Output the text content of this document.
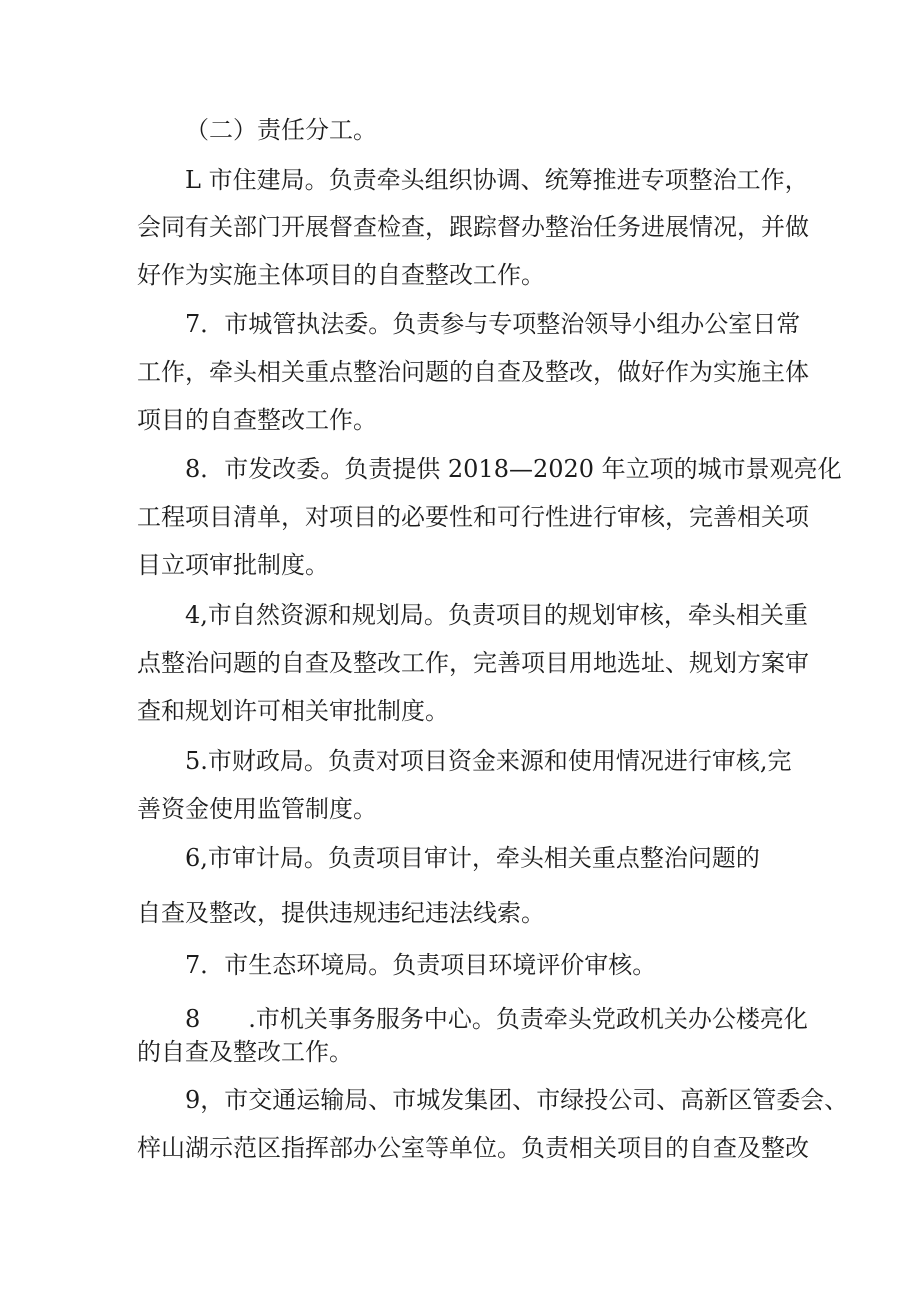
（二）责任分工。

L 市住建局。负责牵头组织协调、统筹推进专项整治工作，

会同有关部门开展督查检查，跟踪督办整治任务进展情况，并做

好作为实施主体项目的自查整改工作。

7．市城管执法委。负责参与专项整治领导小组办公室日常

工作，牵头相关重点整治问题的自查及整改，做好作为实施主体

项目的自查整改工作。

8．市发改委。负责提供 2018—2020 年立项的城市景观亮化

工程项目清单，对项目的必要性和可行性进行审核，完善相关项

目立项审批制度。

4,市自然资源和规划局。负责项目的规划审核，牵头相关重

点整治问题的自查及整改工作，完善项目用地选址、规划方案审

查和规划许可相关审批制度。

5.市财政局。负责对项目资金来源和使用情况进行审核,完

善资金使用监管制度。

6,市审计局。负责项目审计，牵头相关重点整治问题的

自查及整改，提供违规违纪违法线索。

7．市生态环境局。负责项目环境评价审核。

8　　.市机关事务服务中心。负责牵头党政机关办公楼亮化

的自查及整改工作。

9，市交通运输局、市城发集团、市绿投公司、高新区管委会、

梓山湖示范区指挥部办公室等单位。负责相关项目的自查及整改
